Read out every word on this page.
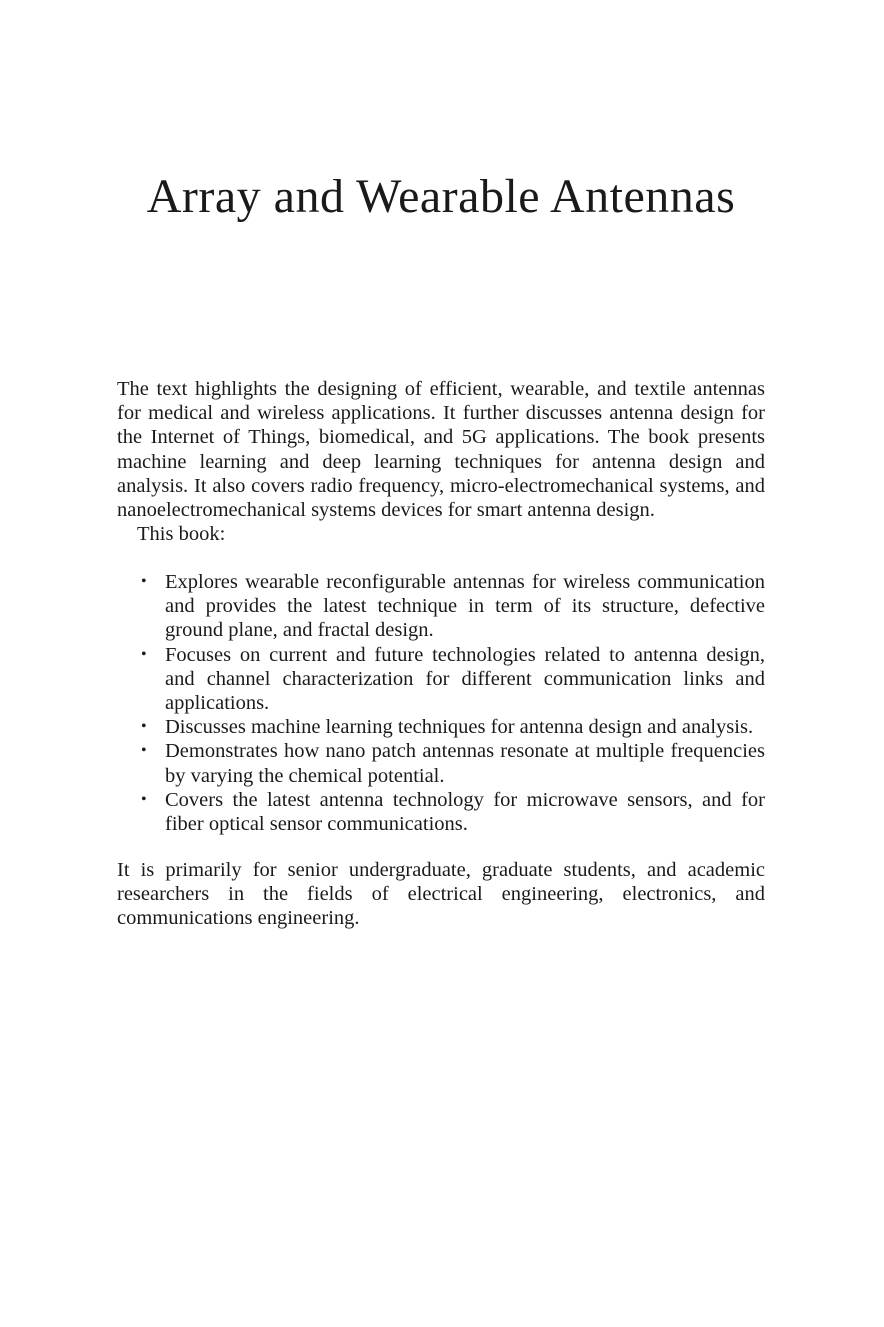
Array and Wearable Antennas

The text highlights the designing of efficient, wearable, and textile antennas for medical and wireless applications. It further discusses antenna design for the Internet of Things, biomedical, and 5G applications. The book presents machine learning and deep learning techniques for antenna design and analysis. It also covers radio frequency, micro-electromechanical systems, and nanoelectromechanical systems devices for smart antenna design.

This book:

• Explores wearable reconfigurable antennas for wireless communication and provides the latest technique in term of its structure, defective ground plane, and fractal design.
• Focuses on current and future technologies related to antenna design, and channel characterization for different communication links and applications.
• Discusses machine learning techniques for antenna design and analysis.
• Demonstrates how nano patch antennas resonate at multiple frequencies by varying the chemical potential.
• Covers the latest antenna technology for microwave sensors, and for fiber optical sensor communications.

It is primarily for senior undergraduate, graduate students, and academic researchers in the fields of electrical engineering, electronics, and communications engineering.
